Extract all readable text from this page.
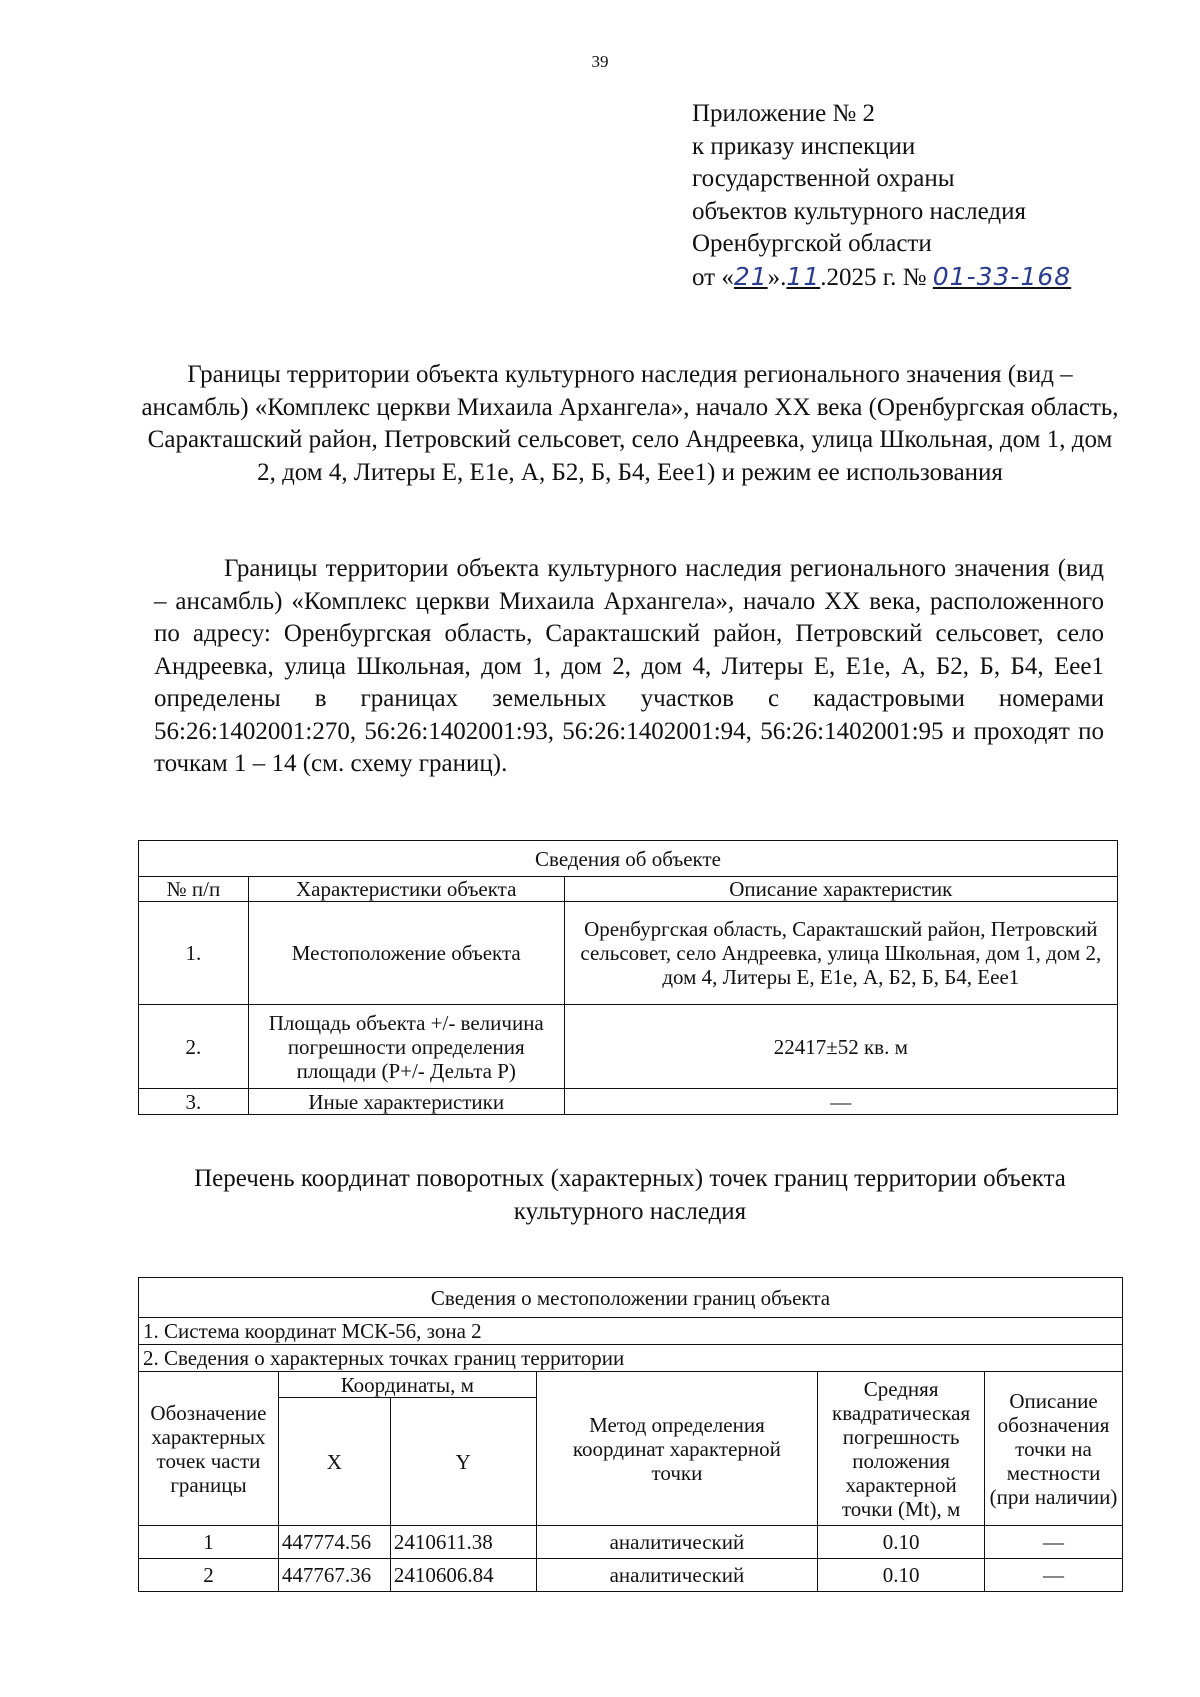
39
Приложение № 2
к приказу инспекции
государственной охраны
объектов культурного наследия
Оренбургской области
от «21».11.2025 г. № 01-33-168
Границы территории объекта культурного наследия регионального значения (вид – ансамбль) «Комплекс церкви Михаила Архангела», начало XX века (Оренбургская область, Саракташский район, Петровский сельсовет, село Андреевка, улица Школьная, дом 1, дом 2, дом 4, Литеры Е, Е1е, А, Б2, Б, Б4, Еее1) и режим ее использования
Границы территории объекта культурного наследия регионального значения (вид – ансамбль) «Комплекс церкви Михаила Архангела», начало XX века, расположенного по адресу: Оренбургская область, Саракташский район, Петровский сельсовет, село Андреевка, улица Школьная, дом 1, дом 2, дом 4, Литеры Е, Е1е, А, Б2, Б, Б4, Еее1 определены в границах земельных участков с кадастровыми номерами 56:26:1402001:270, 56:26:1402001:93, 56:26:1402001:94, 56:26:1402001:95 и проходят по точкам 1 – 14 (см. схему границ).
Сведения об объекте		
№ п/п	Характеристики объекта	Описание характеристик
1.	Местоположение объекта	Оренбургская область, Саракташский район, Петровский сельсовет, село Андреевка, улица Школьная, дом 1, дом 2, дом 4, Литеры Е, Е1е, А, Б2, Б, Б4, Еее1
2.	Площадь объекта +/- величина погрешности определения площади (P+/- Дельта P)	22417±52 кв. м
3.	Иные характеристики	—
Перечень координат поворотных (характерных) точек границ территории объекта культурного наследия
Сведения о местоположении границ объекта					
1. Система координат МСК-56, зона 2					
2. Сведения о характерных точках границ территории					
Обозначение характерных точек части границы	Координаты, м		Метод определения координат характерной точки	Средняя квадратическая погрешность положения характерной точки (Mt), м	Описание обозначения точки на местности (при наличии)
	X	Y			
1	447774.56	2410611.38	аналитический	0.10	—
2	447767.36	2410606.84	аналитический	0.10	—
